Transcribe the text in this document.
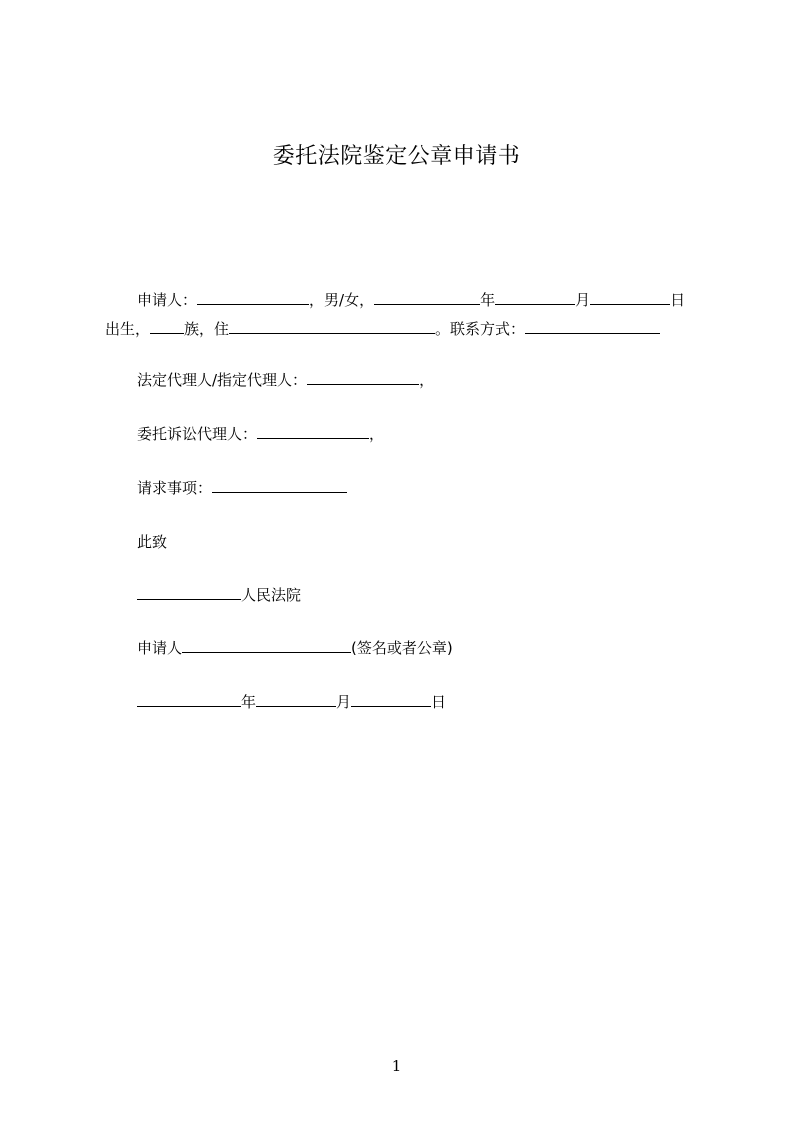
委托法院鉴定公章申请书
申请人：	，男/女，	年	月	日
出生， 族，住	。联系方式：
法定代理人/指定代理人：	，
委托诉讼代理人：	，
请求事项：
此致
人民法院
申请人	(签名或者公章)
年	月	日
1
